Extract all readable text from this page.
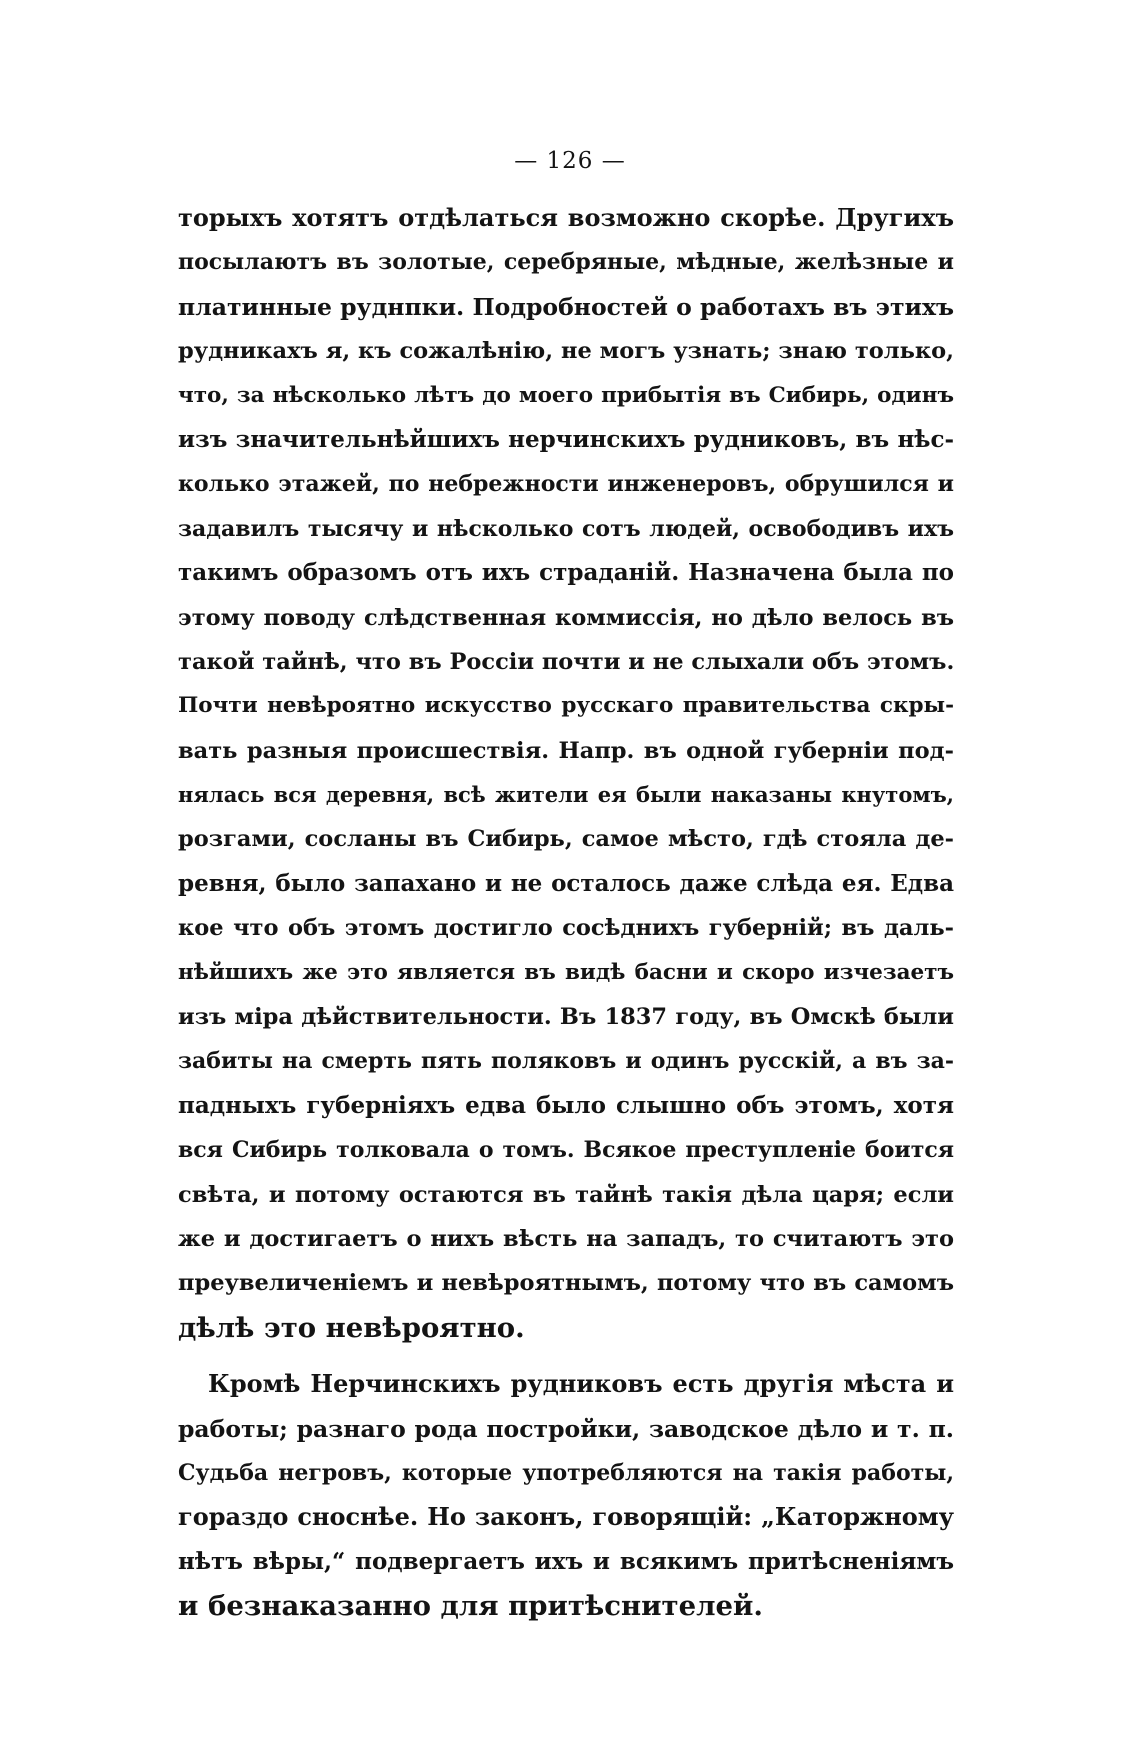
— 126 —
торыхъ хотятъ отдѣлаться возможно скорѣе. Другихъ
посылаютъ въ золотые, серебряные, мѣдные, желѣзные и
платинные руднпки. Подробностей о работахъ въ этихъ
рудникахъ я, къ сожалѣнію, не могъ узнать; знаю только,
что, за нѣсколько лѣтъ до моего прибытія въ Сибирь, одинъ
изъ значительнѣйшихъ нерчинскихъ рудниковъ, въ нѣс-
колько этажей, по небрежности инженеровъ, обрушился и
задавилъ тысячу и нѣсколько сотъ людей, освободивъ ихъ
такимъ образомъ отъ ихъ страданій. Назначена была по
этому поводу слѣдственная коммиссія, но дѣло велось въ
такой тайнѣ, что въ Россіи почти и не слыхали объ этомъ.
Почти невѣроятно искусство русскаго правительства скры-
вать разныя происшествія. Напр. въ одной губерніи под-
нялась вся деревня, всѣ жители ея были наказаны кнутомъ,
розгами, сосланы въ Сибирь, самое мѣсто, гдѣ стояла де-
ревня, было запахано и не осталось даже слѣда ея. Едва
кое что объ этомъ достигло сосѣднихъ губерній; въ даль-
нѣйшихъ же это является въ видѣ басни и скоро изчезаетъ
изъ міра дѣйствительности. Въ 1837 году, въ Омскѣ были
забиты на смерть пять поляковъ и одинъ русскій, а въ за-
падныхъ губерніяхъ едва было слышно объ этомъ, хотя
вся Сибирь толковала о томъ. Всякое преступленіе боится
свѣта, и потому остаются въ тайнѣ такія дѣла царя; если
же и достигаетъ о нихъ вѣсть на западъ, то считаютъ это
преувеличеніемъ и невѣроятнымъ, потому что въ самомъ
дѣлѣ это невѣроятно.
Кромѣ Нерчинскихъ рудниковъ есть другія мѣста и
работы; разнаго рода постройки, заводское дѣло и т. п.
Судьба негровъ, которые употребляются на такія работы,
гораздо сноснѣе. Но законъ, говорящій: „Каторжному
нѣтъ вѣры,“ подвергаетъ ихъ и всякимъ притѣсненіямъ
и безнаказанно для притѣснителей.
